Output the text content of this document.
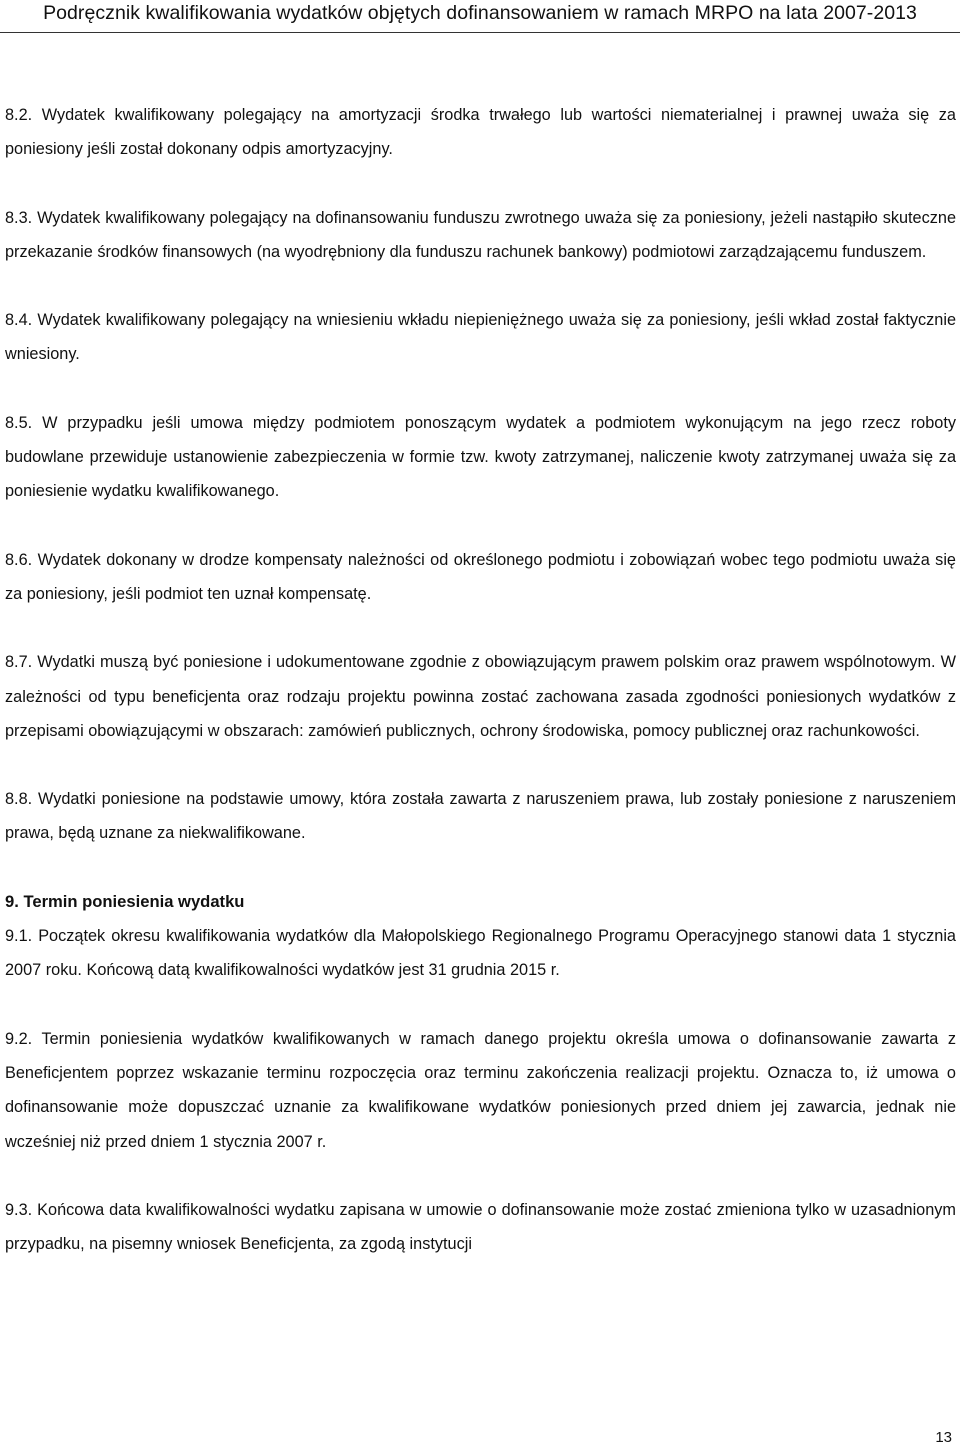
Podręcznik kwalifikowania wydatków objętych dofinansowaniem w ramach MRPO na lata 2007-2013

8.2. Wydatek kwalifikowany polegający na amortyzacji środka trwałego lub wartości niematerialnej i prawnej uważa się za poniesiony jeśli został dokonany odpis amortyzacyjny.

8.3. Wydatek kwalifikowany polegający na dofinansowaniu funduszu zwrotnego uważa się za poniesiony, jeżeli nastąpiło skuteczne przekazanie środków finansowych (na wyodrębniony dla funduszu rachunek bankowy) podmiotowi zarządzającemu funduszem.

8.4. Wydatek kwalifikowany polegający na wniesieniu wkładu niepieniężnego uważa się za poniesiony, jeśli wkład został faktycznie wniesiony.

8.5. W przypadku jeśli umowa między podmiotem ponoszącym wydatek a podmiotem wykonującym na jego rzecz roboty budowlane przewiduje ustanowienie zabezpieczenia w formie tzw. kwoty zatrzymanej, naliczenie kwoty zatrzymanej uważa się za poniesienie wydatku kwalifikowanego.

8.6. Wydatek dokonany w drodze kompensaty należności od określonego podmiotu i zobowiązań wobec tego podmiotu uważa się za poniesiony, jeśli podmiot ten uznał kompensatę.

8.7. Wydatki muszą być poniesione i udokumentowane zgodnie z obowiązującym prawem polskim oraz prawem wspólnotowym. W zależności od typu beneficjenta oraz rodzaju projektu powinna zostać zachowana zasada zgodności poniesionych wydatków z przepisami obowiązującymi w obszarach: zamówień publicznych, ochrony środowiska, pomocy publicznej oraz rachunkowości.

8.8. Wydatki poniesione na podstawie umowy, która została zawarta z naruszeniem prawa, lub zostały poniesione z naruszeniem prawa, będą uznane za niekwalifikowane.

9. Termin poniesienia wydatku

9.1. Początek okresu kwalifikowania wydatków dla Małopolskiego Regionalnego Programu Operacyjnego stanowi data 1 stycznia 2007 roku. Końcową datą kwalifikowalności wydatków jest 31 grudnia 2015 r.

9.2. Termin poniesienia wydatków kwalifikowanych w ramach danego projektu określa umowa o dofinansowanie zawarta z Beneficjentem poprzez wskazanie terminu rozpoczęcia oraz terminu zakończenia realizacji projektu. Oznacza to, iż umowa o dofinansowanie może dopuszczać uznanie za kwalifikowane wydatków poniesionych przed dniem jej zawarcia, jednak nie wcześniej niż przed dniem 1 stycznia 2007 r.

9.3. Końcowa data kwalifikowalności wydatku zapisana w umowie o dofinansowanie może zostać zmieniona tylko w uzasadnionym przypadku, na pisemny wniosek Beneficjenta, za zgodą instytucji

13
